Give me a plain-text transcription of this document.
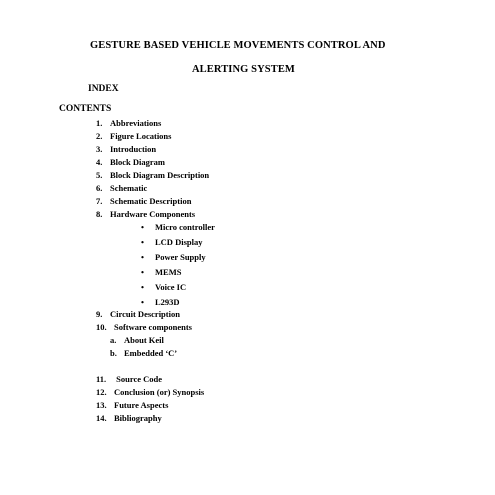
GESTURE BASED VEHICLE MOVEMENTS CONTROL AND
ALERTING SYSTEM
INDEX
CONTENTS
1. Abbreviations
2. Figure Locations
3. Introduction
4. Block Diagram
5. Block Diagram Description
6. Schematic
7. Schematic Description
8. Hardware Components
• Micro controller
• LCD Display
• Power Supply
• MEMS
• Voice IC
• L293D
9. Circuit Description
10. Software components
a. About Keil
b. Embedded ‘C’
11. Source Code
12. Conclusion (or) Synopsis
13. Future Aspects
14. Bibliography
